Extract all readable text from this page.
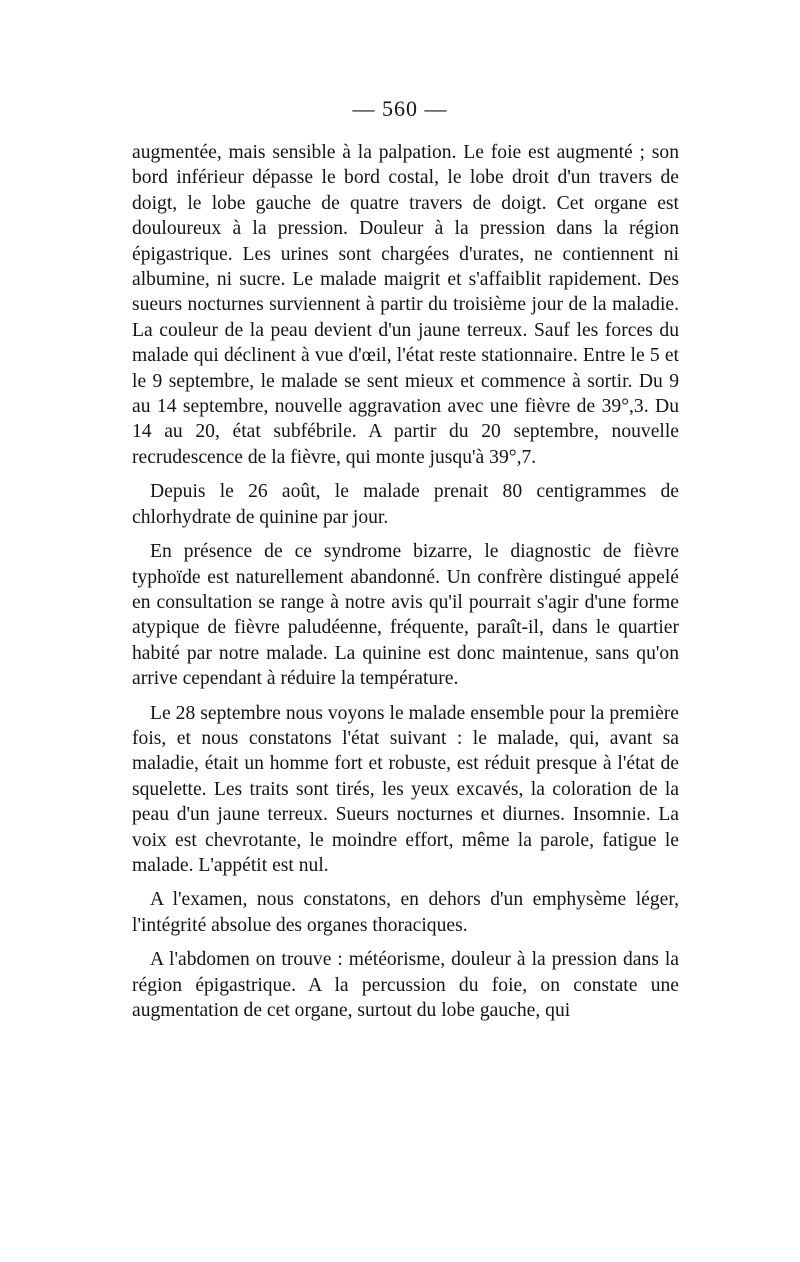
— 560 —

augmentée, mais sensible à la palpation. Le foie est augmenté ; son bord inférieur dépasse le bord costal, le lobe droit d'un travers de doigt, le lobe gauche de quatre travers de doigt. Cet organe est douloureux à la pression. Douleur à la pression dans la région épigastrique. Les urines sont chargées d'urates, ne contiennent ni albumine, ni sucre. Le malade maigrit et s'affaiblit rapidement. Des sueurs nocturnes surviennent à partir du troisième jour de la maladie. La couleur de la peau devient d'un jaune terreux. Sauf les forces du malade qui déclinent à vue d'œil, l'état reste stationnaire. Entre le 5 et le 9 septembre, le malade se sent mieux et commence à sortir. Du 9 au 14 septembre, nouvelle aggravation avec une fièvre de 39°,3. Du 14 au 20, état subfébrile. A partir du 20 septembre, nouvelle recrudescence de la fièvre, qui monte jusqu'à 39°,7.

Depuis le 26 août, le malade prenait 80 centigrammes de chlorhydrate de quinine par jour.

En présence de ce syndrome bizarre, le diagnostic de fièvre typhoïde est naturellement abandonné. Un confrère distingué appelé en consultation se range à notre avis qu'il pourrait s'agir d'une forme atypique de fièvre paludéenne, fréquente, paraît-il, dans le quartier habité par notre malade. La quinine est donc maintenue, sans qu'on arrive cependant à réduire la température.

Le 28 septembre nous voyons le malade ensemble pour la première fois, et nous constatons l'état suivant : le malade, qui, avant sa maladie, était un homme fort et robuste, est réduit presque à l'état de squelette. Les traits sont tirés, les yeux excavés, la coloration de la peau d'un jaune terreux. Sueurs nocturnes et diurnes. Insomnie. La voix est chevrotante, le moindre effort, même la parole, fatigue le malade. L'appétit est nul.

A l'examen, nous constatons, en dehors d'un emphysème léger, l'intégrité absolue des organes thoraciques.

A l'abdomen on trouve : météorisme, douleur à la pression dans la région épigastrique. A la percussion du foie, on constate une augmentation de cet organe, surtout du lobe gauche, qui
